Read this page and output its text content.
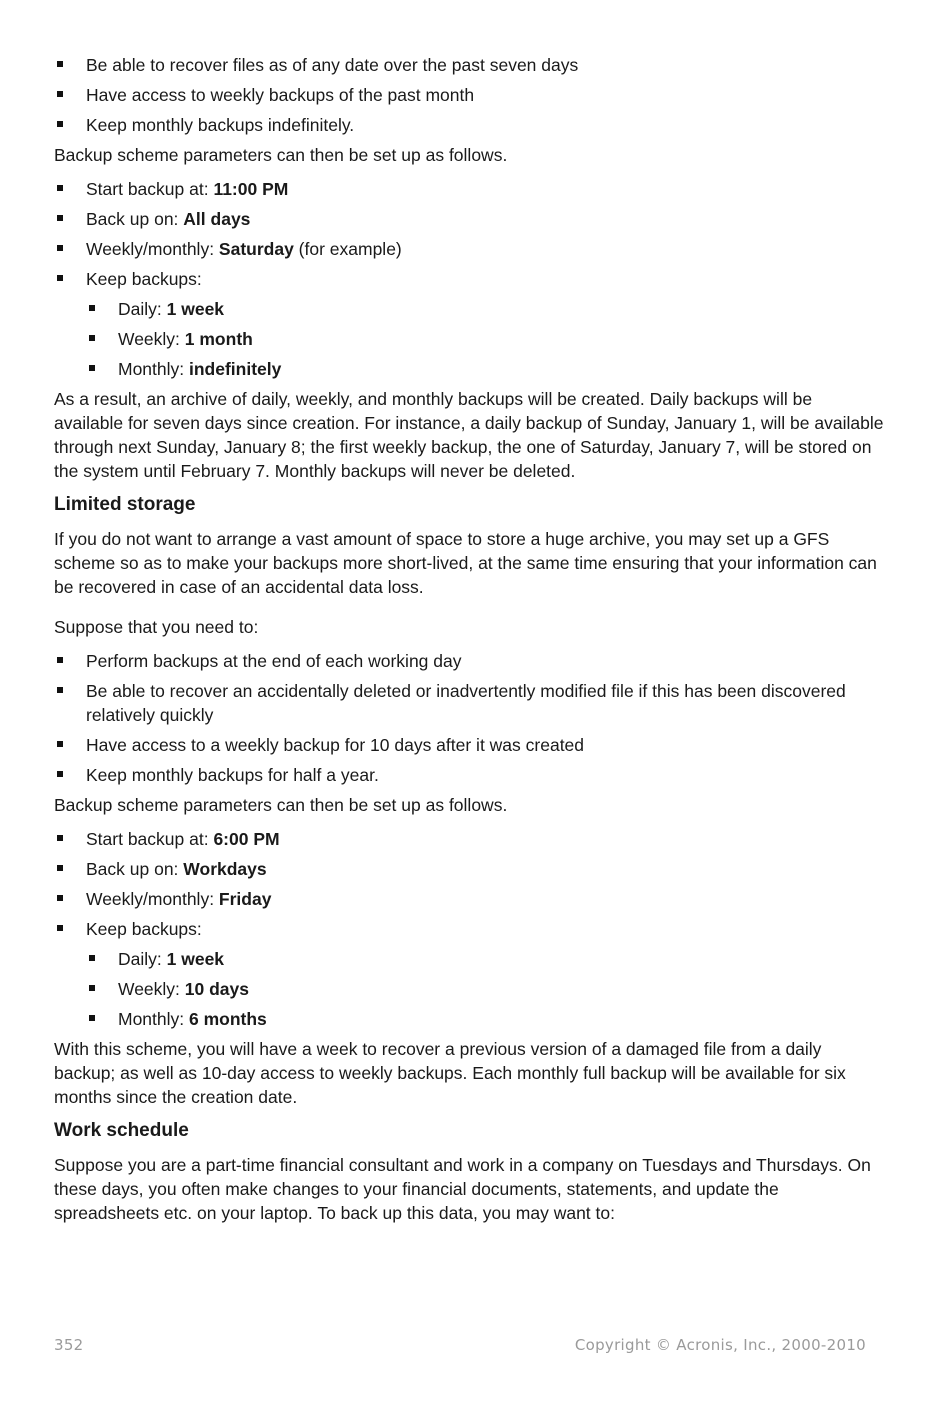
Be able to recover files as of any date over the past seven days
Have access to weekly backups of the past month
Keep monthly backups indefinitely.

Backup scheme parameters can then be set up as follows.

Start backup at: 11:00 PM
Back up on: All days
Weekly/monthly: Saturday (for example)
Keep backups:
Daily: 1 week
Weekly: 1 month
Monthly: indefinitely

As a result, an archive of daily, weekly, and monthly backups will be created. Daily backups will be available for seven days since creation. For instance, a daily backup of Sunday, January 1, will be available through next Sunday, January 8; the first weekly backup, the one of Saturday, January 7, will be stored on the system until February 7. Monthly backups will never be deleted.

Limited storage

If you do not want to arrange a vast amount of space to store a huge archive, you may set up a GFS scheme so as to make your backups more short-lived, at the same time ensuring that your information can be recovered in case of an accidental data loss.

Suppose that you need to:

Perform backups at the end of each working day
Be able to recover an accidentally deleted or inadvertently modified file if this has been discovered relatively quickly
Have access to a weekly backup for 10 days after it was created
Keep monthly backups for half a year.

Backup scheme parameters can then be set up as follows.

Start backup at: 6:00 PM
Back up on: Workdays
Weekly/monthly: Friday
Keep backups:
Daily: 1 week
Weekly: 10 days
Monthly: 6 months

With this scheme, you will have a week to recover a previous version of a damaged file from a daily backup; as well as 10-day access to weekly backups. Each monthly full backup will be available for six months since the creation date.

Work schedule

Suppose you are a part-time financial consultant and work in a company on Tuesdays and Thursdays. On these days, you often make changes to your financial documents, statements, and update the spreadsheets etc. on your laptop. To back up this data, you may want to:

352	Copyright © Acronis, Inc., 2000-2010
